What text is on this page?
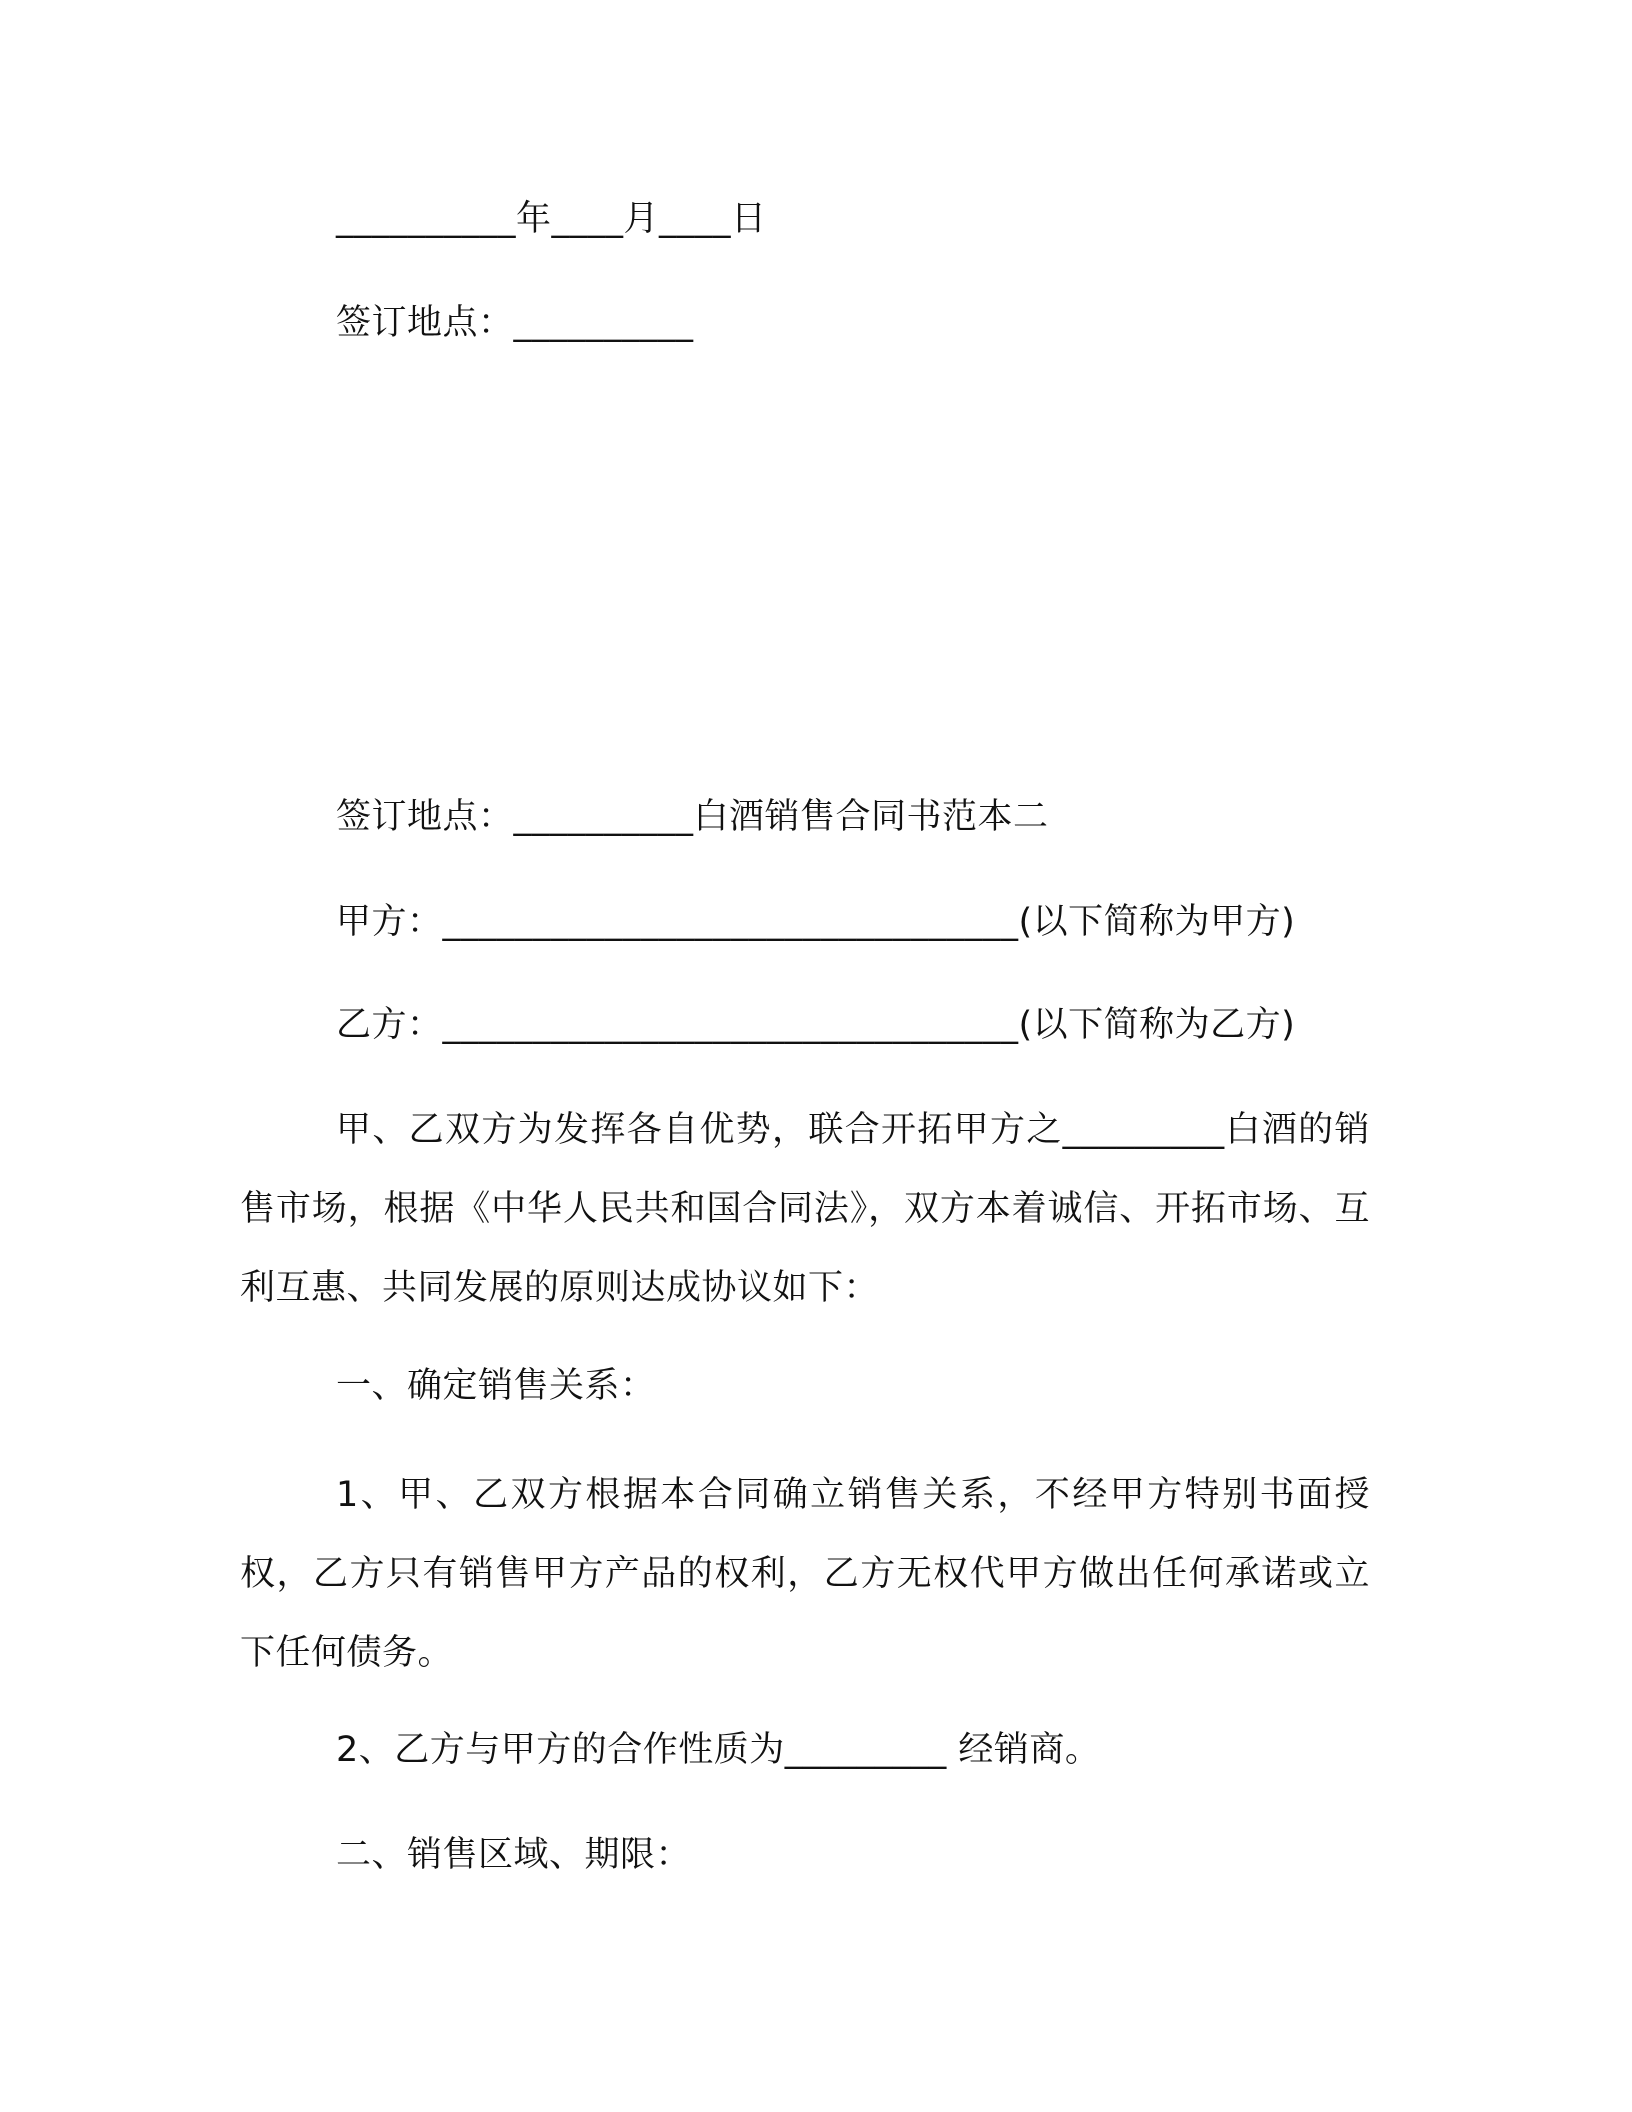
__________年____月____日
签订地点：__________
签订地点：__________白酒销售合同书范本二
甲方：________________________________(以下简称为甲方)
乙方：________________________________(以下简称为乙方)
甲、乙双方为发挥各自优势，联合开拓甲方之_________白酒的销售市场，根据《中华人民共和国合同法》，双方本着诚信、开拓市场、互利互惠、共同发展的原则达成协议如下：
一、确定销售关系：
1、甲、乙双方根据本合同确立销售关系，不经甲方特别书面授权，乙方只有销售甲方产品的权利，乙方无权代甲方做出任何承诺或立下任何债务。
2、乙方与甲方的合作性质为_________ 经销商。
二、销售区域、期限：
